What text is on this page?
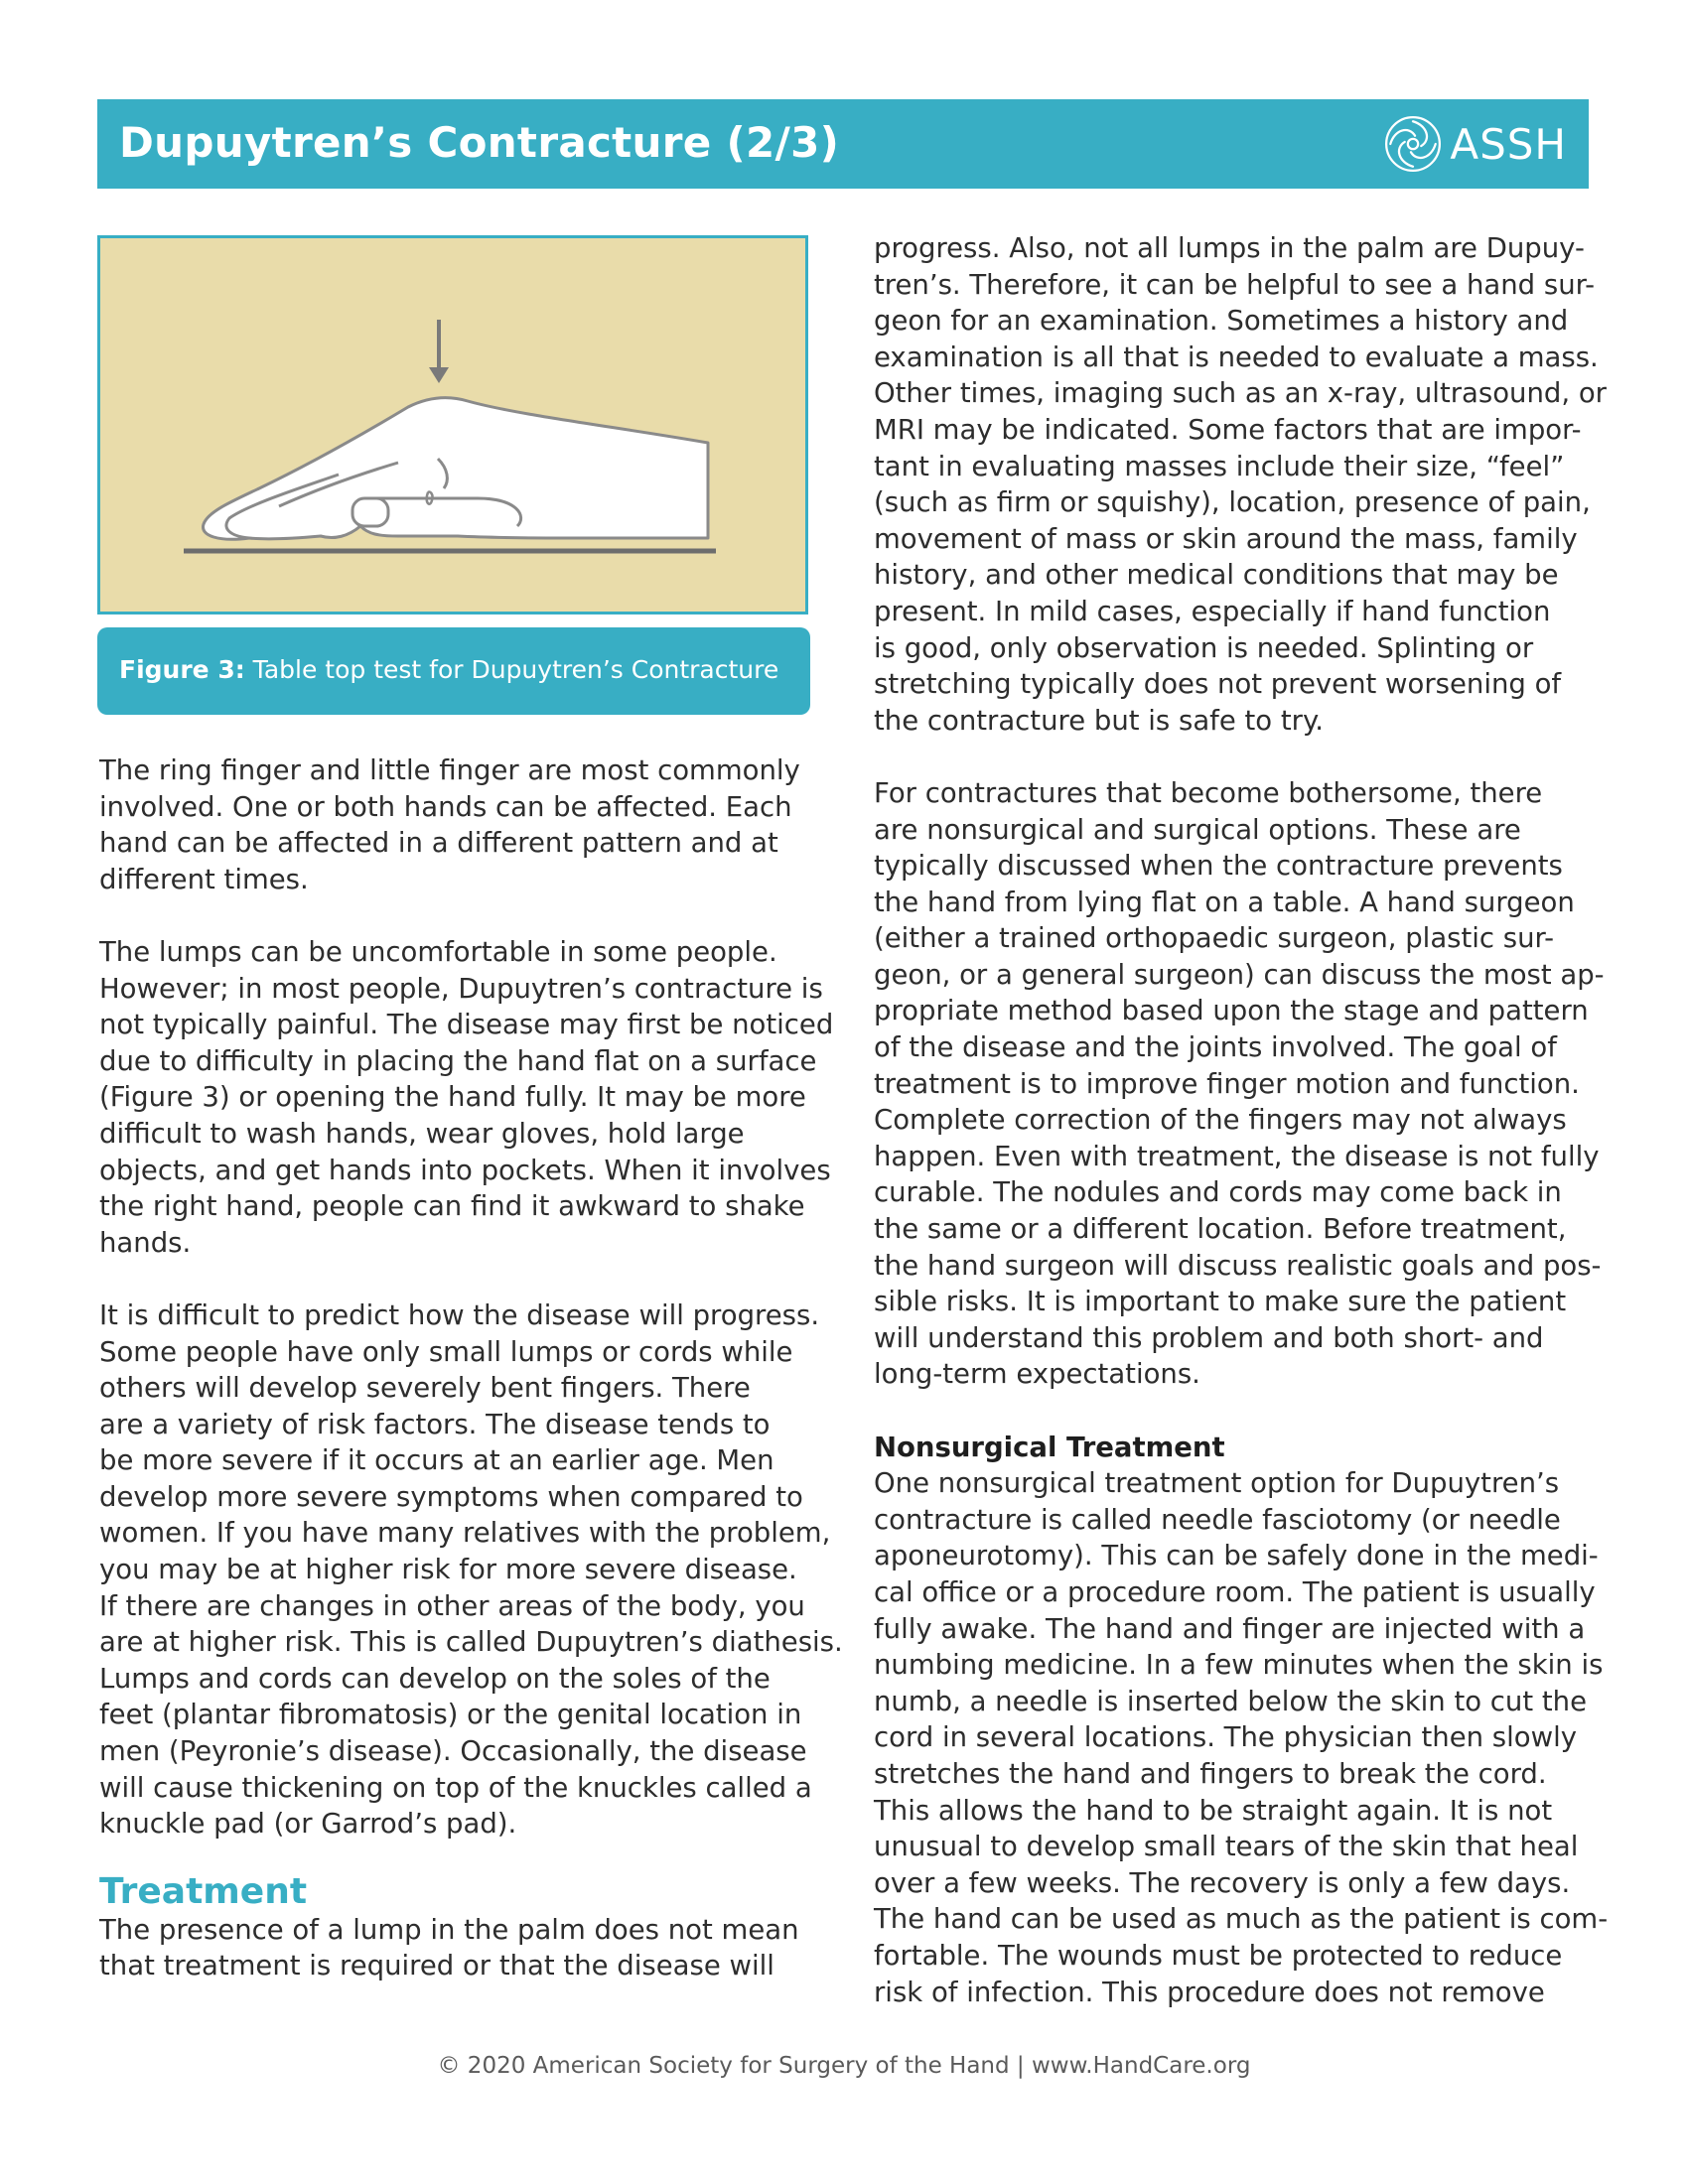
Dupuytren’s Contracture (2/3)	ASSH
Figure 3: Table top test for Dupuytren’s Contracture

The ring finger and little finger are most commonly

involved. One or both hands can be affected. Each

hand can be affected in a different pattern and at

different times.

The lumps can be uncomfortable in some people.

However; in most people, Dupuytren’s contracture is

not typically painful. The disease may first be noticed

due to difficulty in placing the hand flat on a surface

(Figure 3) or opening the hand fully. It may be more

difficult to wash hands, wear gloves, hold large

objects, and get hands into pockets. When it involves

the right hand, people can find it awkward to shake

hands.

It is difficult to predict how the disease will progress.

Some people have only small lumps or cords while

others will develop severely bent fingers. There

are a variety of risk factors. The disease tends to

be more severe if it occurs at an earlier age. Men

develop more severe symptoms when compared to

women. If you have many relatives with the problem,

you may be at higher risk for more severe disease.

If there are changes in other areas of the body, you

are at higher risk. This is called Dupuytren’s diathesis.

Lumps and cords can develop on the soles of the

feet (plantar fibromatosis) or the genital location in

men (Peyronie’s disease). Occasionally, the disease

will cause thickening on top of the knuckles called a

knuckle pad (or Garrod’s pad).

Treatment

The presence of a lump in the palm does not mean

that treatment is required or that the disease will

progress. Also, not all lumps in the palm are Dupuy-

tren’s. Therefore, it can be helpful to see a hand sur-

geon for an examination. Sometimes a history and

examination is all that is needed to evaluate a mass.

Other times, imaging such as an x-ray, ultrasound, or

MRI may be indicated. Some factors that are impor-

tant in evaluating masses include their size, “feel”

(such as firm or squishy), location, presence of pain,

movement of mass or skin around the mass, family

history, and other medical conditions that may be

present. In mild cases, especially if hand function

is good, only observation is needed. Splinting or

stretching typically does not prevent worsening of

the contracture but is safe to try.

For contractures that become bothersome, there

are nonsurgical and surgical options. These are

typically discussed when the contracture prevents

the hand from lying flat on a table. A hand surgeon

(either a trained orthopaedic surgeon, plastic sur-

geon, or a general surgeon) can discuss the most ap-

propriate method based upon the stage and pattern

of the disease and the joints involved. The goal of

treatment is to improve finger motion and function.

Complete correction of the fingers may not always

happen. Even with treatment, the disease is not fully

curable. The nodules and cords may come back in

the same or a different location. Before treatment,

the hand surgeon will discuss realistic goals and pos-

sible risks. It is important to make sure the patient

will understand this problem and both short- and

long-term expectations.

Nonsurgical Treatment

One nonsurgical treatment option for Dupuytren’s

contracture is called needle fasciotomy (or needle

aponeurotomy). This can be safely done in the medi-

cal office or a procedure room. The patient is usually

fully awake. The hand and finger are injected with a

numbing medicine. In a few minutes when the skin is

numb, a needle is inserted below the skin to cut the

cord in several locations. The physician then slowly

stretches the hand and fingers to break the cord.

This allows the hand to be straight again. It is not

unusual to develop small tears of the skin that heal

over a few weeks. The recovery is only a few days.

The hand can be used as much as the patient is com-

fortable. The wounds must be protected to reduce

risk of infection. This procedure does not remove

© 2020 American Society for Surgery of the Hand | www.HandCare.org
